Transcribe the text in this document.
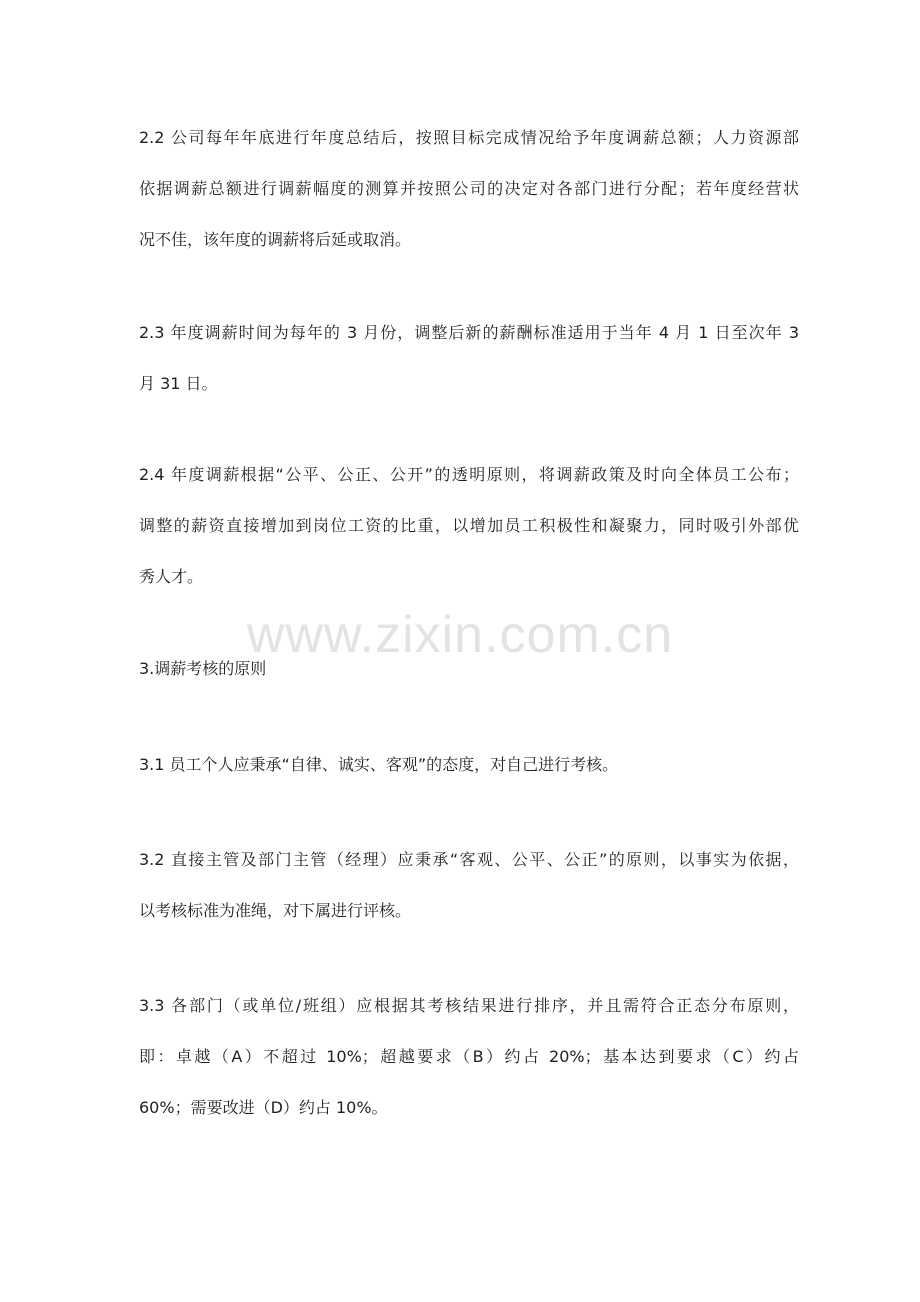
2.2 公司每年年底进行年度总结后，按照目标完成情况给予年度调薪总额；人力资源部
依据调薪总额进行调薪幅度的测算并按照公司的决定对各部门进行分配；若年度经营状
况不佳，该年度的调薪将后延或取消。
2.3 年度调薪时间为每年的 3 月份，调整后新的薪酬标准适用于当年 4 月 1 日至次年 3
月 31 日。
2.4 年度调薪根据“公平、公正、公开”的透明原则，将调薪政策及时向全体员工公布；
调整的薪资直接增加到岗位工资的比重，以增加员工积极性和凝聚力，同时吸引外部优
秀人才。
www.zixin.com.cn
3.调薪考核的原则
3.1 员工个人应秉承“自律、诚实、客观”的态度，对自己进行考核。
3.2 直接主管及部门主管（经理）应秉承“客观、公平、公正”的原则，以事实为依据，
以考核标准为准绳，对下属进行评核。
3.3 各部门（或单位/班组）应根据其考核结果进行排序，并且需符合正态分布原则，
即：卓越（A）不超过 10%；超越要求（B）约占 20%；基本达到要求（C）约占
60%；需要改进（D）约占 10%。
